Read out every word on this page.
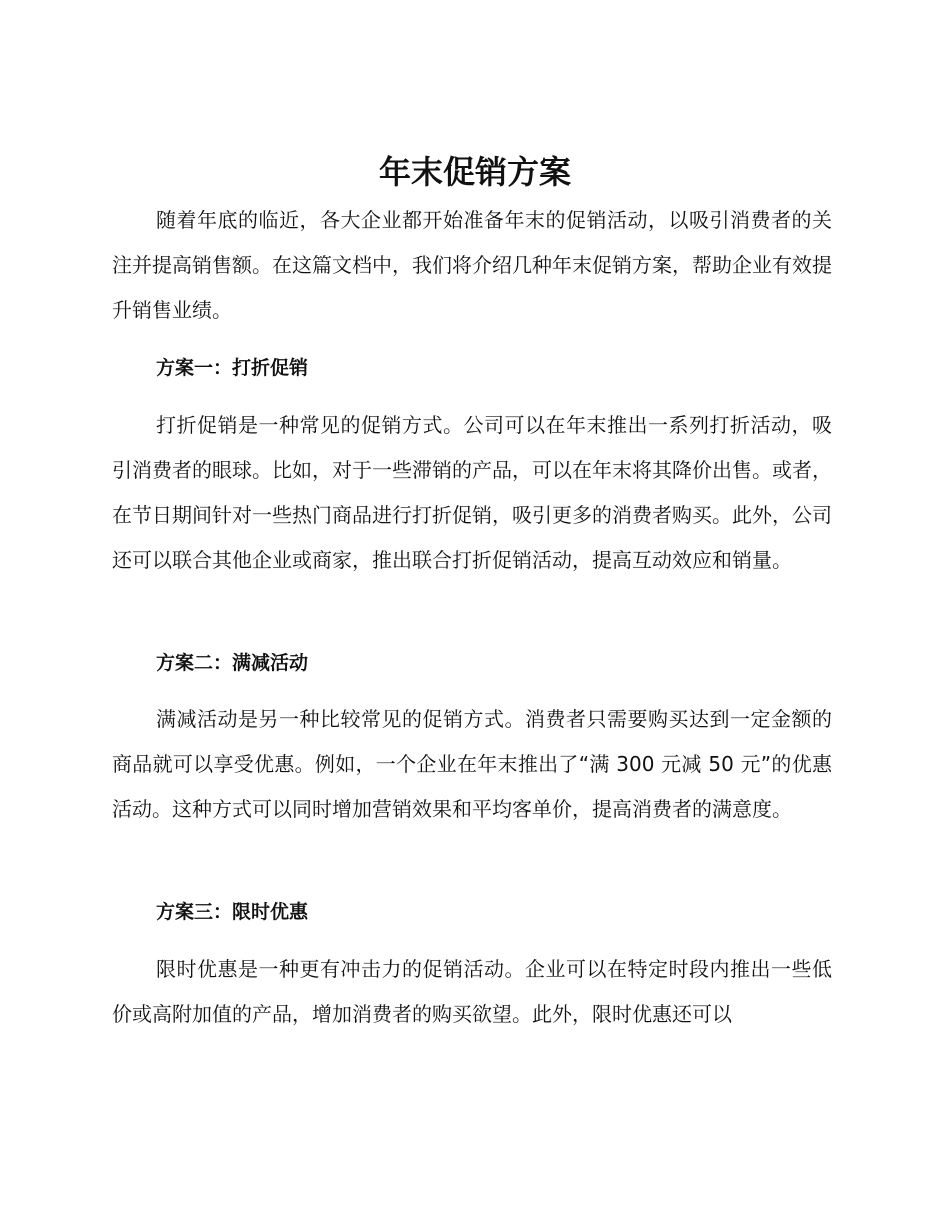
年末促销方案

随着年底的临近，各大企业都开始准备年末的促销活动，以吸引消费者的关注并提高销售额。在这篇文档中，我们将介绍几种年末促销方案，帮助企业有效提升销售业绩。

方案一：打折促销

打折促销是一种常见的促销方式。公司可以在年末推出一系列打折活动，吸引消费者的眼球。比如，对于一些滞销的产品，可以在年末将其降价出售。或者，在节日期间针对一些热门商品进行打折促销，吸引更多的消费者购买。此外，公司还可以联合其他企业或商家，推出联合打折促销活动，提高互动效应和销量。

方案二：满减活动

满减活动是另一种比较常见的促销方式。消费者只需要购买达到一定金额的商品就可以享受优惠。例如，一个企业在年末推出了“满 300 元减 50 元”的优惠活动。这种方式可以同时增加营销效果和平均客单价，提高消费者的满意度。

方案三：限时优惠

限时优惠是一种更有冲击力的促销活动。企业可以在特定时段内推出一些低价或高附加值的产品，增加消费者的购买欲望。此外，限时优惠还可以
